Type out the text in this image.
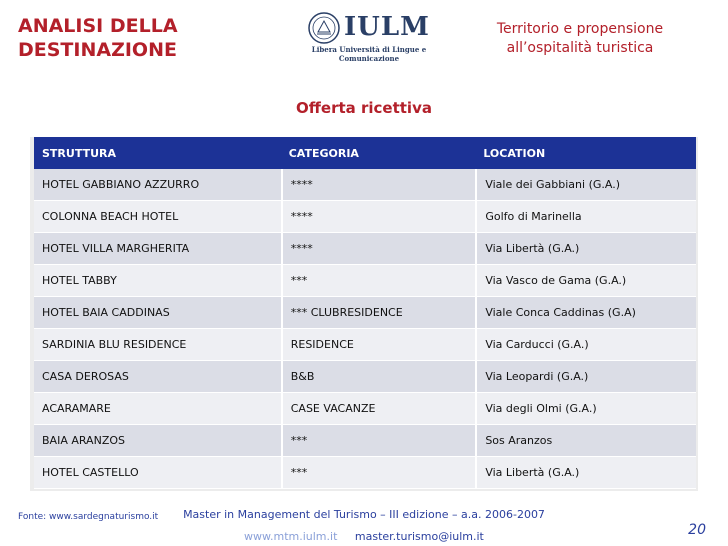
ANALISI DELLA
DESTINAZIONE
IULM
Libera Università di Lingue e Comunicazione
Territorio e propensione
all’ospitalità turistica
Offerta ricettiva
STRUTTURA	CATEGORIA	LOCATION
HOTEL GABBIANO AZZURRO	****	Viale dei Gabbiani (G.A.)
COLONNA BEACH HOTEL	****	Golfo di Marinella
HOTEL VILLA MARGHERITA	****	Via Libertà (G.A.)
HOTEL TABBY	***	Via Vasco de Gama (G.A.)
HOTEL BAIA CADDINAS	*** CLUBRESIDENCE	Viale Conca Caddinas (G.A)
SARDINIA BLU RESIDENCE	RESIDENCE	Via Carducci (G.A.)
CASA DEROSAS	B&B	Via Leopardi (G.A.)
ACARAMARE	CASE VACANZE	Via degli Olmi (G.A.)
BAIA ARANZOS	***	Sos Aranzos
HOTEL CASTELLO	***	Via Libertà (G.A.)
Fonte: www.sardegnaturismo.it	Master in Management del Turismo – III edizione – a.a. 2006-2007
www.mtm.iulm.it master.turismo@iulm.it	20
